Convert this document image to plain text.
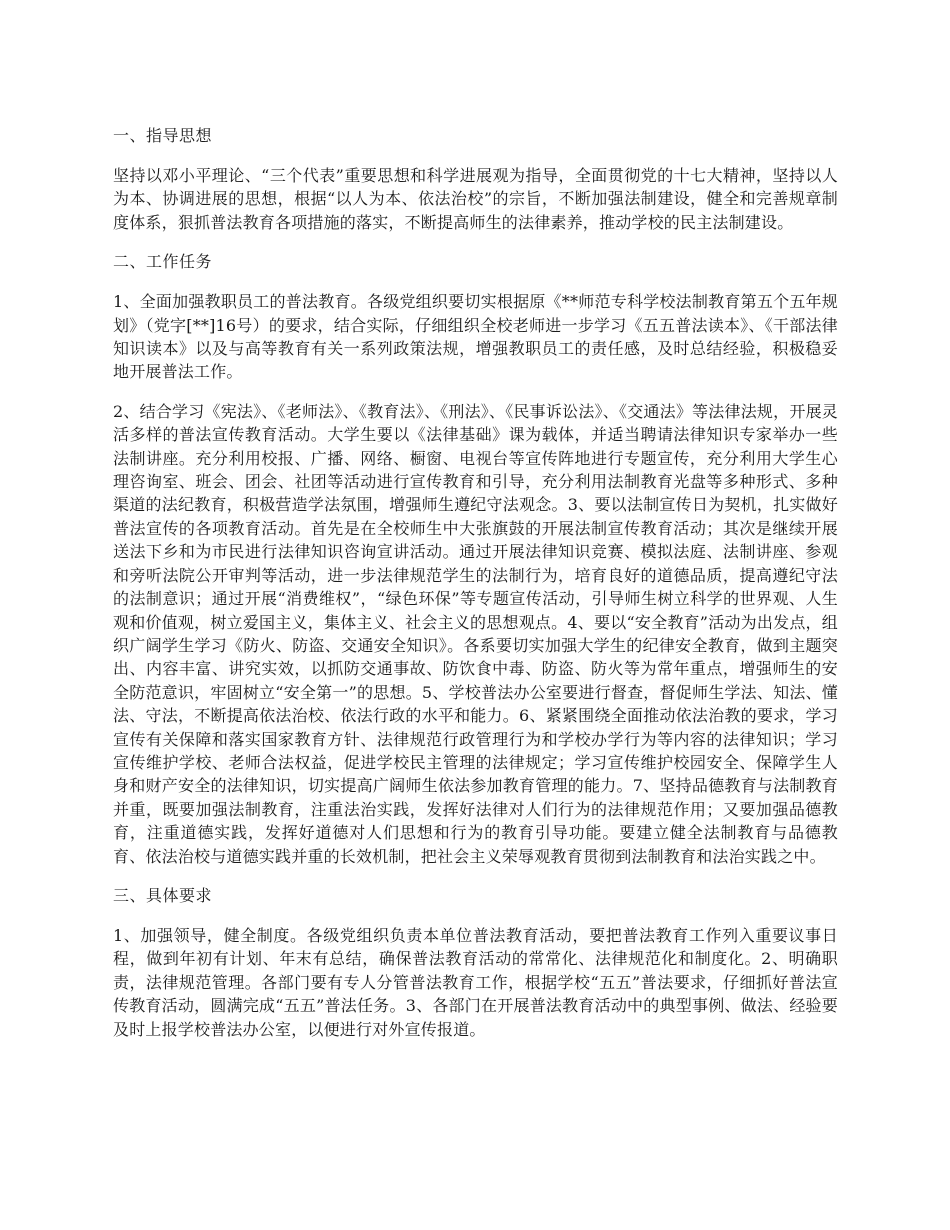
一、指导思想

坚持以邓小平理论、“三个代表”重要思想和科学进展观为指导，全面贯彻党的十七大精神，坚持以人为本、协调进展的思想，根据“以人为本、依法治校”的宗旨，不断加强法制建设，健全和完善规章制度体系，狠抓普法教育各项措施的落实，不断提高师生的法律素养，推动学校的民主法制建设。

二、工作任务

1、全面加强教职员工的普法教育。各级党组织要切实根据原《**师范专科学校法制教育第五个五年规划》（党字[**]16号）的要求，结合实际，仔细组织全校老师进一步学习《五五普法读本》、《干部法律知识读本》以及与高等教育有关一系列政策法规，增强教职员工的责任感，及时总结经验，积极稳妥地开展普法工作。

2、结合学习《宪法》、《老师法》、《教育法》、《刑法》、《民事诉讼法》、《交通法》等法律法规，开展灵活多样的普法宣传教育活动。大学生要以《法律基础》课为载体，并适当聘请法律知识专家举办一些法制讲座。充分利用校报、广播、网络、橱窗、电视台等宣传阵地进行专题宣传，充分利用大学生心理咨询室、班会、团会、社团等活动进行宣传教育和引导，充分利用法制教育光盘等多种形式、多种渠道的法纪教育，积极营造学法氛围，增强师生遵纪守法观念。3、要以法制宣传日为契机，扎实做好普法宣传的各项教育活动。首先是在全校师生中大张旗鼓的开展法制宣传教育活动；其次是继续开展送法下乡和为市民进行法律知识咨询宣讲活动。通过开展法律知识竞赛、模拟法庭、法制讲座、参观和旁听法院公开审判等活动，进一步法律规范学生的法制行为，培育良好的道德品质，提高遵纪守法的法制意识；通过开展“消费维权”，“绿色环保”等专题宣传活动，引导师生树立科学的世界观、人生观和价值观，树立爱国主义，集体主义、社会主义的思想观点。4、要以“安全教育”活动为出发点，组织广阔学生学习《防火、防盗、交通安全知识》。各系要切实加强大学生的纪律安全教育，做到主题突出、内容丰富、讲究实效，以抓防交通事故、防饮食中毒、防盗、防火等为常年重点，增强师生的安全防范意识，牢固树立“安全第一”的思想。5、学校普法办公室要进行督查，督促师生学法、知法、懂法、守法，不断提高依法治校、依法行政的水平和能力。6、紧紧围绕全面推动依法治教的要求，学习宣传有关保障和落实国家教育方针、法律规范行政管理行为和学校办学行为等内容的法律知识；学习宣传维护学校、老师合法权益，促进学校民主管理的法律规定；学习宣传维护校园安全、保障学生人身和财产安全的法律知识，切实提高广阔师生依法参加教育管理的能力。7、坚持品德教育与法制教育并重，既要加强法制教育，注重法治实践，发挥好法律对人们行为的法律规范作用；又要加强品德教育，注重道德实践，发挥好道德对人们思想和行为的教育引导功能。要建立健全法制教育与品德教育、依法治校与道德实践并重的长效机制，把社会主义荣辱观教育贯彻到法制教育和法治实践之中。

三、具体要求

1、加强领导，健全制度。各级党组织负责本单位普法教育活动，要把普法教育工作列入重要议事日程，做到年初有计划、年末有总结，确保普法教育活动的常常化、法律规范化和制度化。2、明确职责，法律规范管理。各部门要有专人分管普法教育工作，根据学校“五五”普法要求，仔细抓好普法宣传教育活动，圆满完成“五五”普法任务。3、各部门在开展普法教育活动中的典型事例、做法、经验要及时上报学校普法办公室，以便进行对外宣传报道。
